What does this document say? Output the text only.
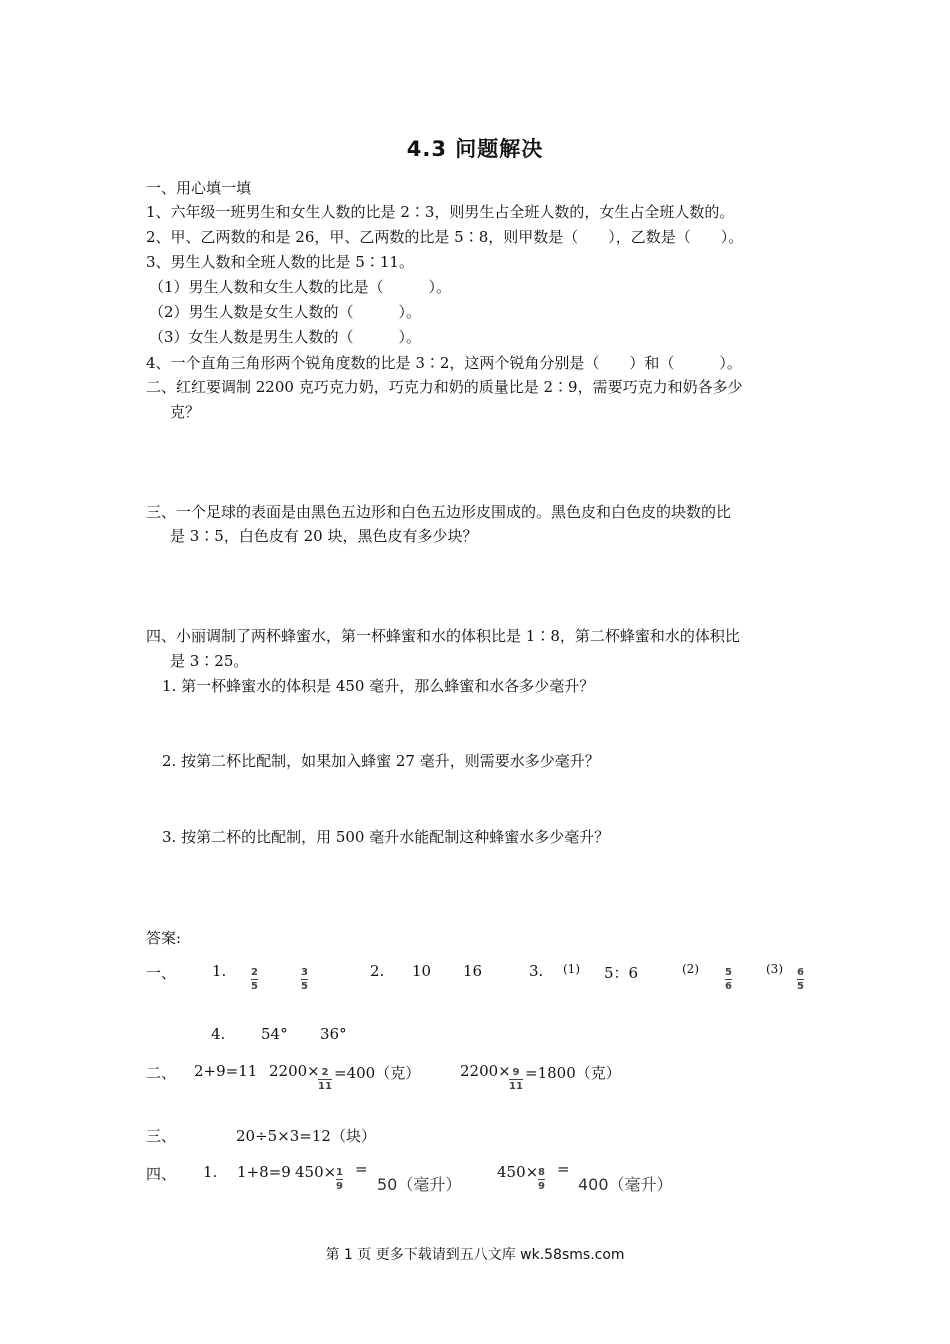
4.3 问题解决
一、用心填一填
1、六年级一班男生和女生人数的比是 2∶3，则男生占全班人数的，女生占全班人数的。
2、甲、乙两数的和是 26，甲、乙两数的比是 5∶8，则甲数是（　　），乙数是（　　）。
3、男生人数和全班人数的比是 5∶11。
（1）男生人数和女生人数的比是（　　　）。
（2）男生人数是女生人数的（　　　）。
（3）女生人数是男生人数的（　　　）。
4、一个直角三角形两个锐角度数的比是 3∶2，这两个锐角分别是（　　）和（　　　）。
二、红红要调制 2200 克巧克力奶，巧克力和奶的质量比是 2∶9，需要巧克力和奶各多少
克？
三、一个足球的表面是由黑色五边形和白色五边形皮围成的。黑色皮和白色皮的块数的比
是 3∶5，白色皮有 20 块，黑色皮有多少块？
四、小丽调制了两杯蜂蜜水，第一杯蜂蜜和水的体积比是 1∶8，第二杯蜂蜜和水的体积比
是 3∶25。
1. 第一杯蜂蜜水的体积是 450 毫升，那么蜂蜜和水各多少毫升？
2. 按第二杯比配制，如果加入蜂蜜 27 毫升，则需要水多少毫升？
3. 按第二杯的比配制，用 500 毫升水能配制这种蜂蜜水多少毫升？
答案:
一、 1. 2
5
3
5
2. 10 16	3. (1) 5：6	(2)	5
6
(3) 6
5
4. 54° 36°
二、 2+9=11 2200× 2
11
=400（克）	2200× 9
11
=1800（克）
三、	20÷5×3=12（块）
四、 1. 1+8=9 450× 1
9
=
50（毫升）
450× 8
9
=
400（毫升）
第 1 页 更多下载请到五八文库 wk.58sms.com
